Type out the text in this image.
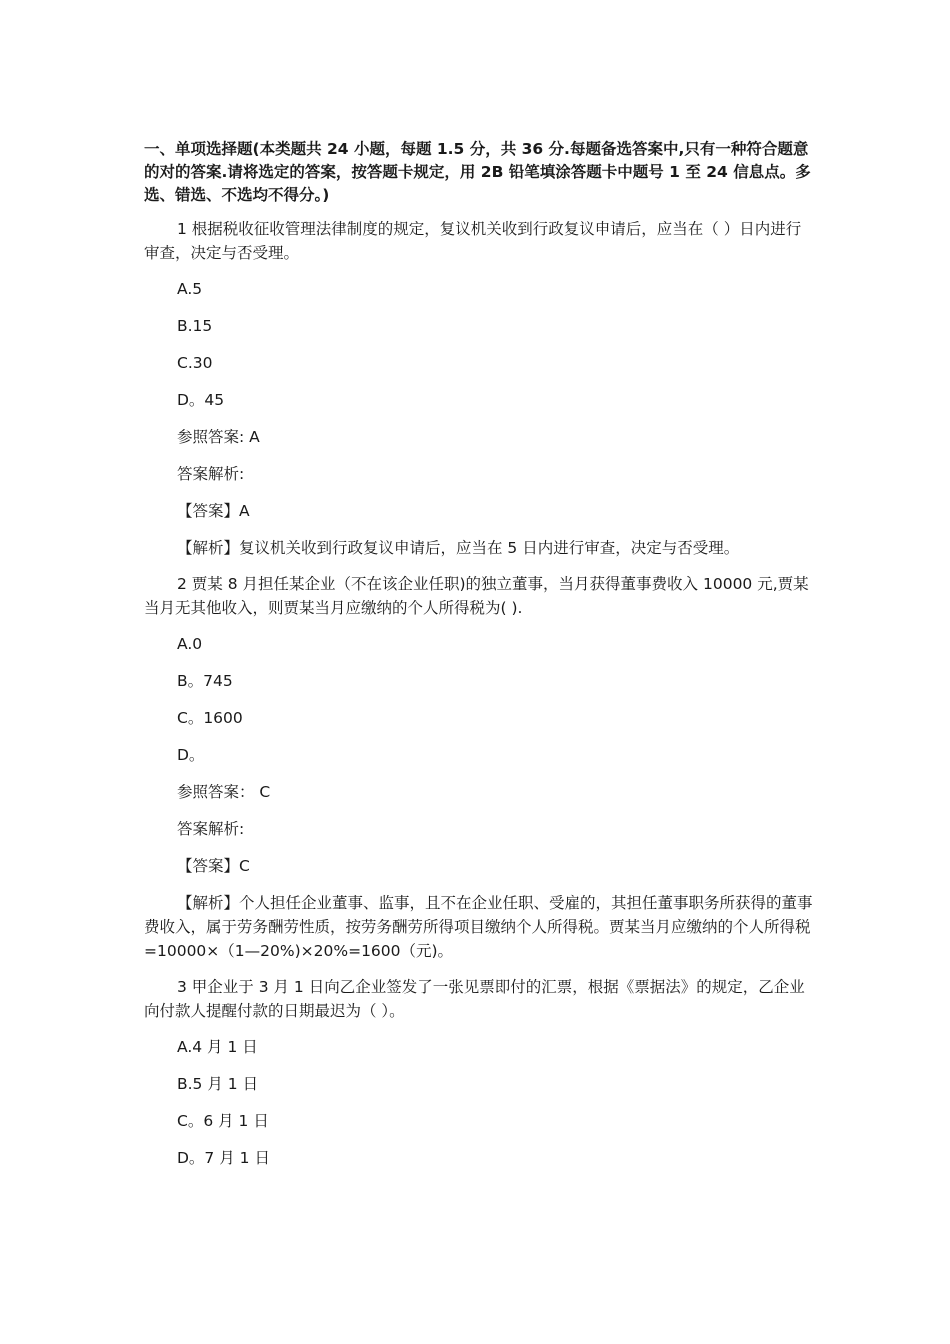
一、单项选择题(本类题共 24 小题，每题 1.5 分，共 36 分.每题备选答案中,只有一种符合题意的对的答案.请将选定的答案，按答题卡规定，用 2B 铅笔填涂答题卡中题号 1 至 24 信息点。多选、错选、不选均不得分。)

1 根据税收征收管理法律制度的规定，复议机关收到行政复议申请后，应当在（ ）日内进行审查，决定与否受理。

A.5

B.15

C.30

D。45

参照答案: A

答案解析:

【答案】A

【解析】复议机关收到行政复议申请后，应当在 5 日内进行审查，决定与否受理。

2 贾某 8 月担任某企业（不在该企业任职)的独立董事，当月获得董事费收入 10000 元,贾某当月无其他收入，则贾某当月应缴纳的个人所得税为( ).

A.0

B。745

C。1600

D。

参照答案： C

答案解析:

【答案】C

【解析】个人担任企业董事、监事，且不在企业任职、受雇的，其担任董事职务所获得的董事费收入，属于劳务酬劳性质，按劳务酬劳所得项目缴纳个人所得税。贾某当月应缴纳的个人所得税=10000×（1—20%)×20%=1600（元)。

3 甲企业于 3 月 1 日向乙企业签发了一张见票即付的汇票，根据《票据法》的规定，乙企业向付款人提醒付款的日期最迟为（ ）。

A.4 月 1 日

B.5 月 1 日

C。6 月 1 日

D。7 月 1 日
